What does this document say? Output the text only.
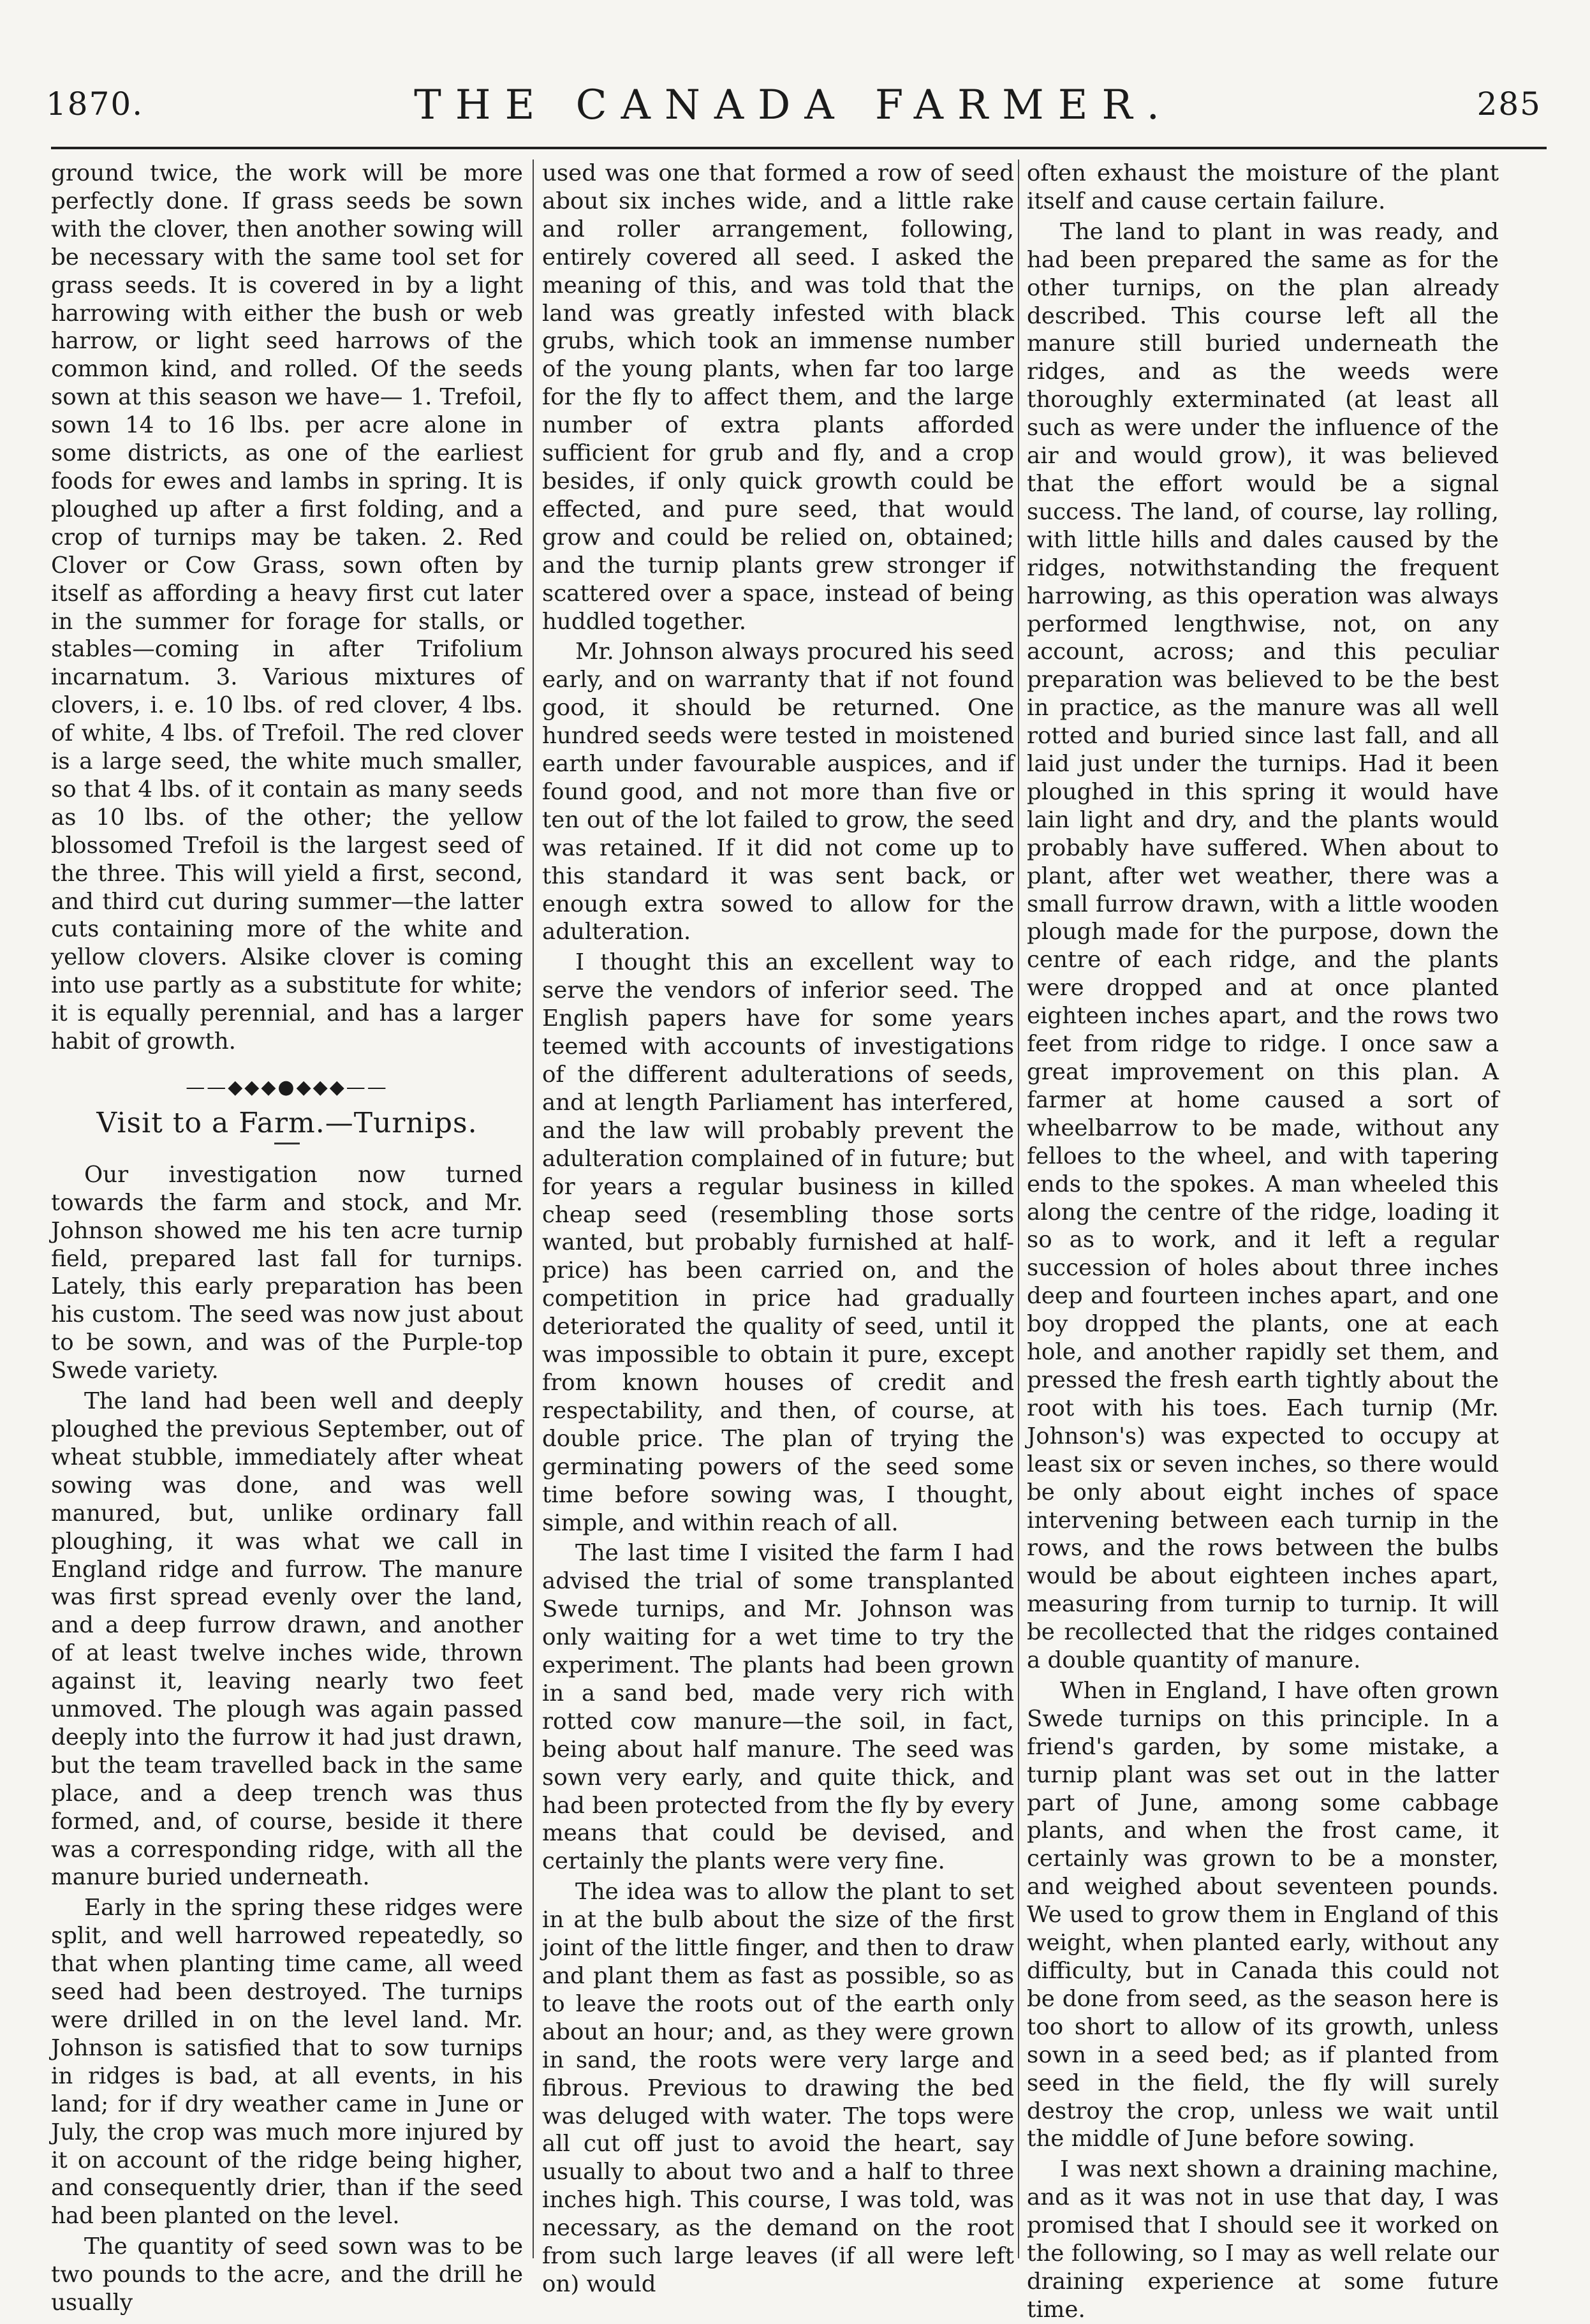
1870.	THE CANADA FARMER.	285

ground twice, the work will be more perfectly done. If grass seeds be sown with the clover, then another sowing will be necessary with the same tool set for grass seeds. It is covered in by a light harrowing with either the bush or web harrow, or light seed harrows of the common kind, and rolled. Of the seeds sown at this season we have— 1. Trefoil, sown 14 to 16 lbs. per acre alone in some districts, as one of the earliest foods for ewes and lambs in spring. It is ploughed up after a first folding, and a crop of turnips may be taken. 2. Red Clover or Cow Grass, sown often by itself as affording a heavy first cut later in the summer for forage for stalls, or stables—coming in after Trifolium incarnatum. 3. Various mixtures of clovers, i. e. 10 lbs. of red clover, 4 lbs. of white, 4 lbs. of Trefoil. The red clover is a large seed, the white much smaller, so that 4 lbs. of it contain as many seeds as 10 lbs. of the other; the yellow blossomed Trefoil is the largest seed of the three. This will yield a first, second, and third cut during summer—the latter cuts containing more of the white and yellow clovers. Alsike clover is coming into use partly as a substitute for white; it is equally perennial, and has a larger habit of growth.

——◆◆◆●◆◆◆——
Visit to a Farm.—Turnips.

Our investigation now turned towards the farm and stock, and Mr. Johnson showed me his ten acre turnip field, prepared last fall for turnips. Lately, this early preparation has been his custom. The seed was now just about to be sown, and was of the Purple-top Swede variety.

The land had been well and deeply ploughed the previous September, out of wheat stubble, immediately after wheat sowing was done, and was well manured, but, unlike ordinary fall ploughing, it was what we call in England ridge and furrow. The manure was first spread evenly over the land, and a deep furrow drawn, and another of at least twelve inches wide, thrown against it, leaving nearly two feet unmoved. The plough was again passed deeply into the furrow it had just drawn, but the team travelled back in the same place, and a deep trench was thus formed, and, of course, beside it there was a corresponding ridge, with all the manure buried underneath.

Early in the spring these ridges were split, and well harrowed repeatedly, so that when planting time came, all weed seed had been destroyed. The turnips were drilled in on the level land. Mr. Johnson is satisfied that to sow turnips in ridges is bad, at all events, in his land; for if dry weather came in June or July, the crop was much more injured by it on account of the ridge being higher, and consequently drier, than if the seed had been planted on the level.

The quantity of seed sown was to be two pounds to the acre, and the drill he usually

used was one that formed a row of seed about six inches wide, and a little rake and roller arrangement, following, entirely covered all seed. I asked the meaning of this, and was told that the land was greatly infested with black grubs, which took an immense number of the young plants, when far too large for the fly to affect them, and the large number of extra plants afforded sufficient for grub and fly, and a crop besides, if only quick growth could be effected, and pure seed, that would grow and could be relied on, obtained; and the turnip plants grew stronger if scattered over a space, instead of being huddled together.

Mr. Johnson always procured his seed early, and on warranty that if not found good, it should be returned. One hundred seeds were tested in moistened earth under favourable auspices, and if found good, and not more than five or ten out of the lot failed to grow, the seed was retained. If it did not come up to this standard it was sent back, or enough extra sowed to allow for the adulteration.

I thought this an excellent way to serve the vendors of inferior seed. The English papers have for some years teemed with accounts of investigations of the different adulterations of seeds, and at length Parliament has interfered, and the law will probably prevent the adulteration complained of in future; but for years a regular business in killed cheap seed (resembling those sorts wanted, but probably furnished at half-price) has been carried on, and the competition in price had gradually deteriorated the quality of seed, until it was impossible to obtain it pure, except from known houses of credit and respectability, and then, of course, at double price. The plan of trying the germinating powers of the seed some time before sowing was, I thought, simple, and within reach of all.

The last time I visited the farm I had advised the trial of some transplanted Swede turnips, and Mr. Johnson was only waiting for a wet time to try the experiment. The plants had been grown in a sand bed, made very rich with rotted cow manure—the soil, in fact, being about half manure. The seed was sown very early, and quite thick, and had been protected from the fly by every means that could be devised, and certainly the plants were very fine.

The idea was to allow the plant to set in at the bulb about the size of the first joint of the little finger, and then to draw and plant them as fast as possible, so as to leave the roots out of the earth only about an hour; and, as they were grown in sand, the roots were very large and fibrous. Previous to drawing the bed was deluged with water. The tops were all cut off just to avoid the heart, say usually to about two and a half to three inches high. This course, I was told, was necessary, as the demand on the root from such large leaves (if all were left on) would

often exhaust the moisture of the plant itself and cause certain failure.

The land to plant in was ready, and had been prepared the same as for the other turnips, on the plan already described. This course left all the manure still buried underneath the ridges, and as the weeds were thoroughly exterminated (at least all such as were under the influence of the air and would grow), it was believed that the effort would be a signal success. The land, of course, lay rolling, with little hills and dales caused by the ridges, notwithstanding the frequent harrowing, as this operation was always performed lengthwise, not, on any account, across; and this peculiar preparation was believed to be the best in practice, as the manure was all well rotted and buried since last fall, and all laid just under the turnips. Had it been ploughed in this spring it would have lain light and dry, and the plants would probably have suffered. When about to plant, after wet weather, there was a small furrow drawn, with a little wooden plough made for the purpose, down the centre of each ridge, and the plants were dropped and at once planted eighteen inches apart, and the rows two feet from ridge to ridge. I once saw a great improvement on this plan. A farmer at home caused a sort of wheelbarrow to be made, without any felloes to the wheel, and with tapering ends to the spokes. A man wheeled this along the centre of the ridge, loading it so as to work, and it left a regular succession of holes about three inches deep and fourteen inches apart, and one boy dropped the plants, one at each hole, and another rapidly set them, and pressed the fresh earth tightly about the root with his toes. Each turnip (Mr. Johnson's) was expected to occupy at least six or seven inches, so there would be only about eight inches of space intervening between each turnip in the rows, and the rows between the bulbs would be about eighteen inches apart, measuring from turnip to turnip. It will be recollected that the ridges contained a double quantity of manure.

When in England, I have often grown Swede turnips on this principle. In a friend's garden, by some mistake, a turnip plant was set out in the latter part of June, among some cabbage plants, and when the frost came, it certainly was grown to be a monster, and weighed about seventeen pounds. We used to grow them in England of this weight, when planted early, without any difficulty, but in Canada this could not be done from seed, as the season here is too short to allow of its growth, unless sown in a seed bed; as if planted from seed in the field, the fly will surely destroy the crop, unless we wait until the middle of June before sowing.

I was next shown a draining machine, and as it was not in use that day, I was promised that I should see it worked on the following, so I may as well relate our draining experience at some future time.
